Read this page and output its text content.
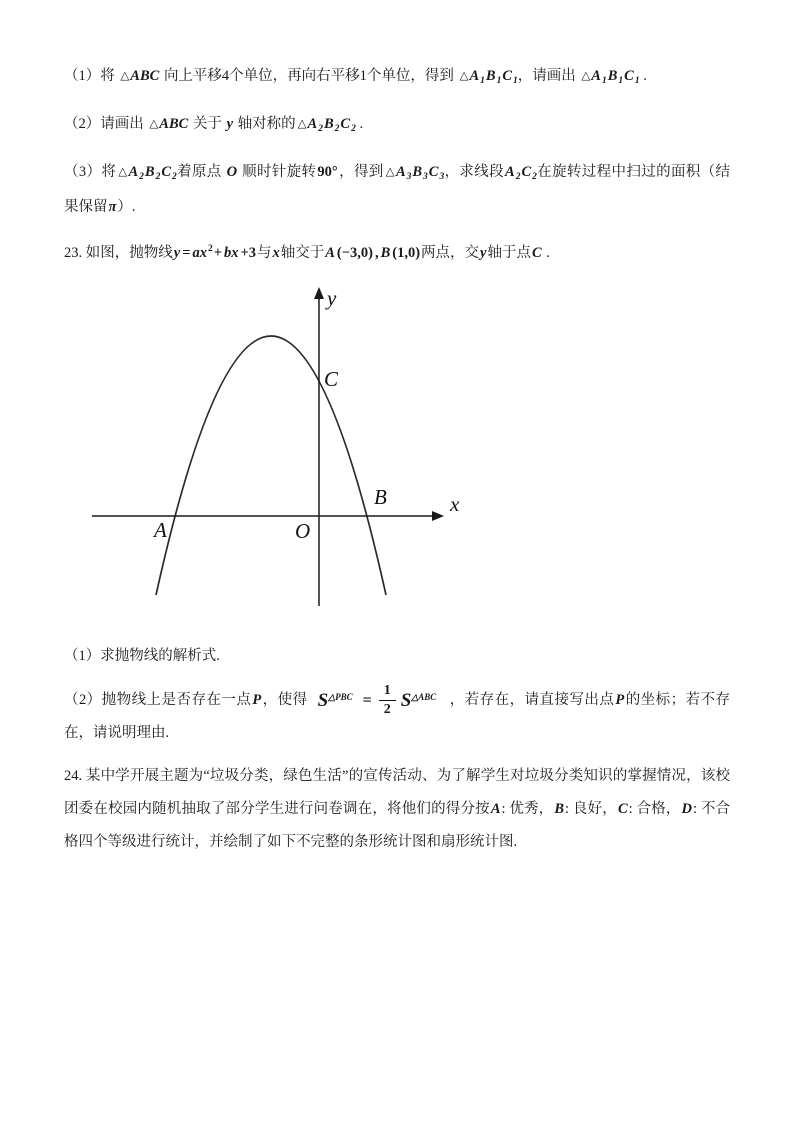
（1）将 △ABC 向上平移4个单位，再向右平移1个单位，得到 $\triangle A_1B_1C_1$，请画出 $\triangle A_1B_1C_1$ .

（2）请画出 △ABC 关于 y 轴对称的 $\triangle A_2B_2C_2$ .

（3）将 $\triangle A_2B_2C_2$着原点 O 顺时针旋转90°，得到 $\triangle A_3B_3C_3$，求线段$A_2C_2$在旋转过程中扫过的面积（结果保留π）.

23. 如图，抛物线$y = ax^2+$ bx +3与x轴交于A (−3,0) , B (1,0)两点，交y轴于点C .

y
x
O
A
B
C

（1）求抛物线的解析式.

（2）抛物线上是否存在一点P，使得 $S^{\triangle PBC} = \frac{1}{2} S^{\triangle ABC}$ ，若存在，请直接写出点P的坐标；若不存在，请说明理由.

24. 某中学开展主题为“垃圾分类，绿色生活”的宣传活动、为了解学生对垃圾分类知识的掌握情况，该校团委在校园内随机抽取了部分学生进行问卷调在，将他们的得分按A: 优秀，B: 良好，C: 合格，D: 不合格四个等级进行统计，并绘制了如下不完整的条形统计图和扇形统计图.
